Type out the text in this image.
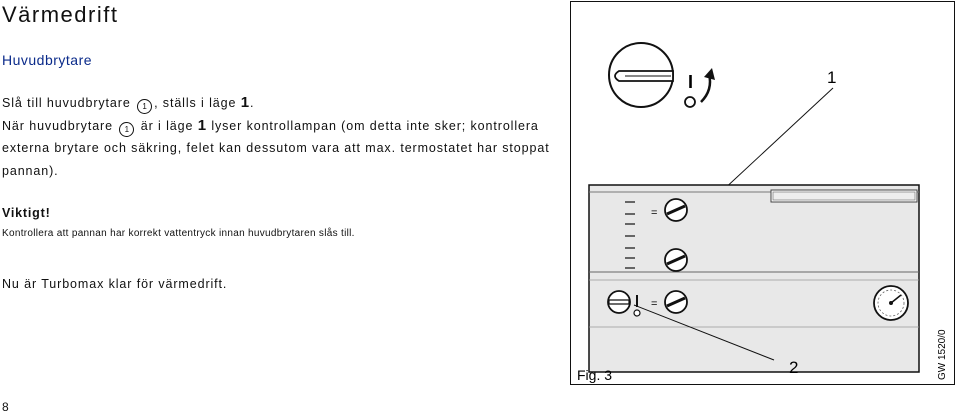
Värmedrift
Huvudbrytare
Slå till huvudbrytare 1 , ställs i läge 1.
När huvudbrytare 1 är i läge 1 lyser kontrollampan (om detta inte sker; kontrollera
externa brytare och säkring, felet kan dessutom vara att max. termostatet har stoppat
pannan).
Viktigt!
Kontrollera att pannan har korrekt vattentryck innan huvudbrytaren slås till.
Nu är Turbomax klar för värmedrift.
8
I	1
=
=
2
Fig. 3	GW 1520/0
